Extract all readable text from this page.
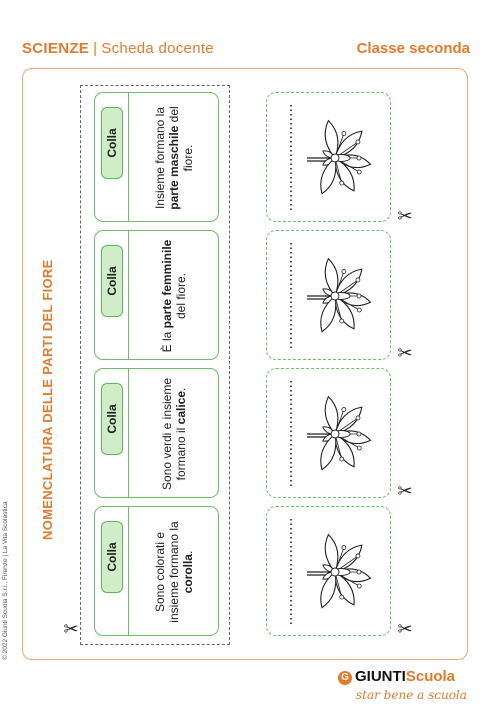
SCIENZE | Scheda docente	Classe seconda
© 2022 Giunti Scuola S.r.l., Firenze | La Vita Scolastica
NOMENCLATURA DELLE PARTI DEL FIORE
Colla	Insieme formano la parte maschile del fiore.
Colla
È la parte femminile del fiore.
Colla	Sono verdi e insieme formano il calice.
Colla	Sono colorati e insieme formano la corolla.
✂
✂
✂
✂
✂
G GIUNTIScuola
star bene a scuola
